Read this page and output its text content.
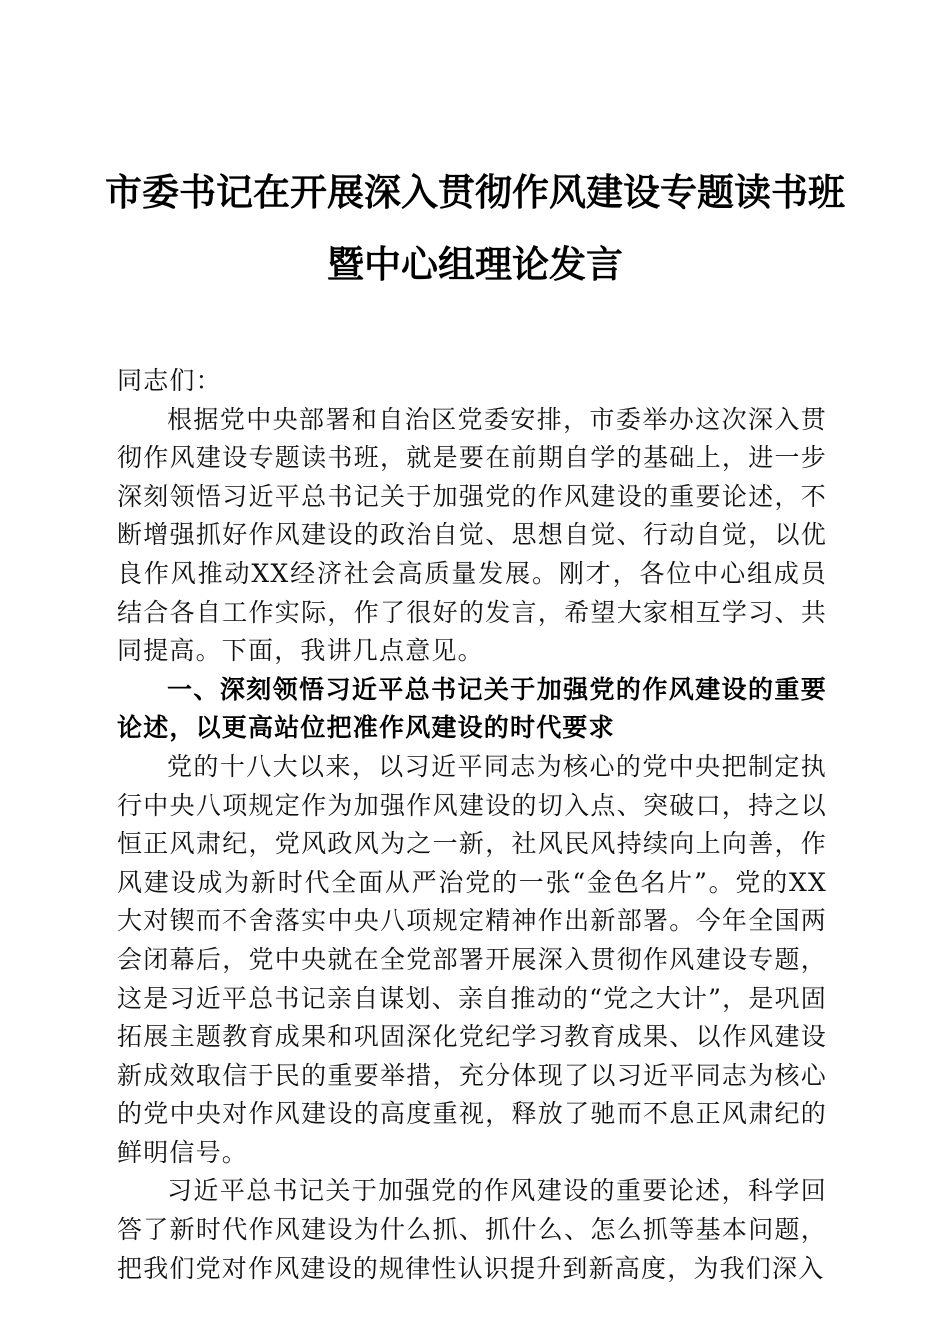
市委书记在开展深入贯彻作风建设专题读书班
暨中心组理论发言

同志们：

根据党中央部署和自治区党委安排，市委举办这次深入贯彻作风建设专题读书班，就是要在前期自学的基础上，进一步深刻领悟习近平总书记关于加强党的作风建设的重要论述，不断增强抓好作风建设的政治自觉、思想自觉、行动自觉，以优良作风推动XX经济社会高质量发展。刚才，各位中心组成员结合各自工作实际，作了很好的发言，希望大家相互学习、共同提高。下面，我讲几点意见。

一、深刻领悟习近平总书记关于加强党的作风建设的重要论述，以更高站位把准作风建设的时代要求

党的十八大以来，以习近平同志为核心的党中央把制定执行中央八项规定作为加强作风建设的切入点、突破口，持之以恒正风肃纪，党风政风为之一新，社风民风持续向上向善，作风建设成为新时代全面从严治党的一张“金色名片”。党的XX大对锲而不舍落实中央八项规定精神作出新部署。今年全国两会闭幕后，党中央就在全党部署开展深入贯彻作风建设专题，这是习近平总书记亲自谋划、亲自推动的“党之大计”，是巩固拓展主题教育成果和巩固深化党纪学习教育成果、以作风建设新成效取信于民的重要举措，充分体现了以习近平同志为核心的党中央对作风建设的高度重视，释放了驰而不息正风肃纪的鲜明信号。

习近平总书记关于加强党的作风建设的重要论述，科学回答了新时代作风建设为什么抓、抓什么、怎么抓等基本问题，把我们党对作风建设的规律性认识提升到新高度，为我们深入
